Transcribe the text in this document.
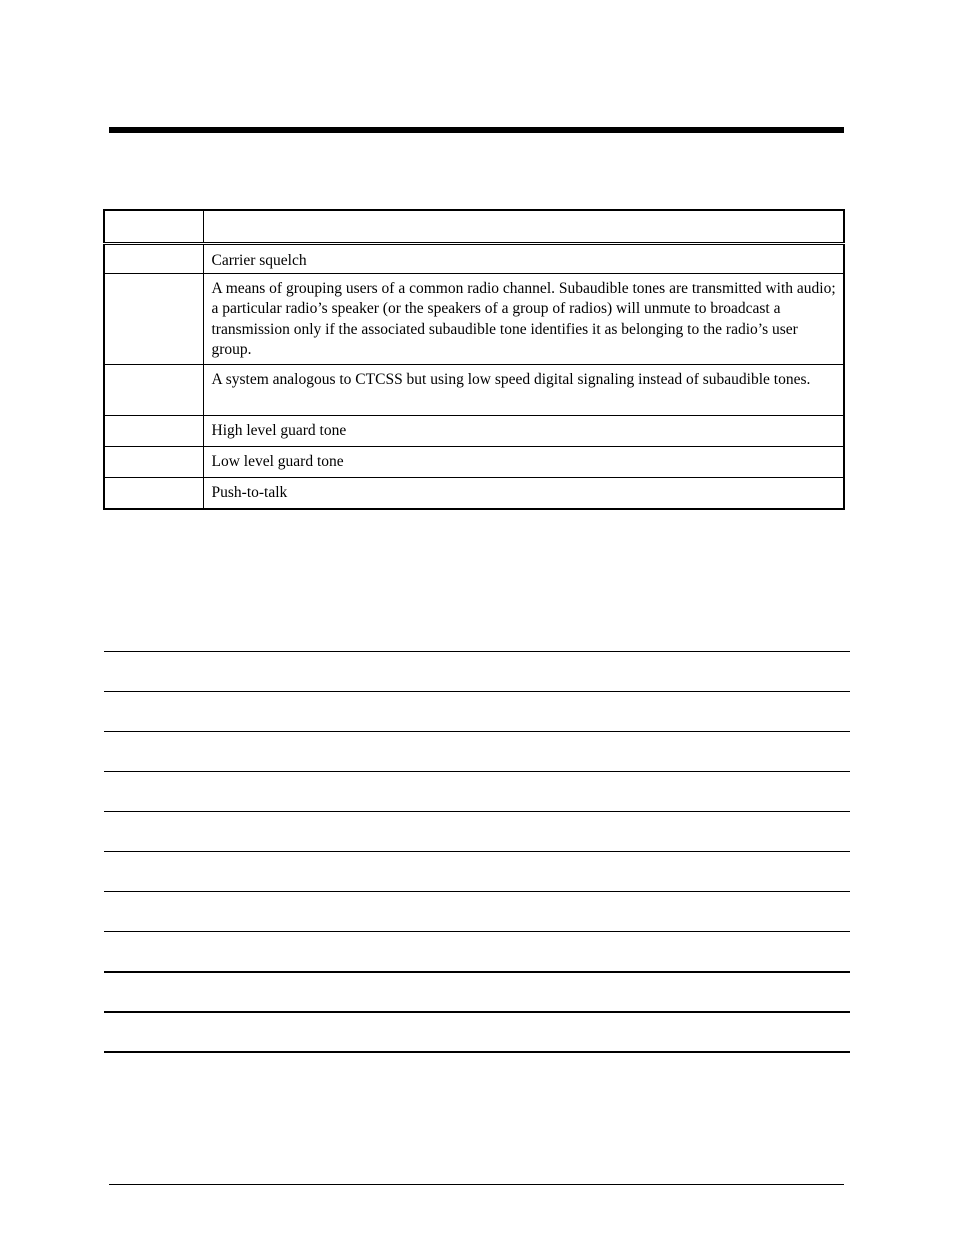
	Carrier squelch
	A means of grouping users of a common radio channel. Subaudible tones are transmitted with audio; a particular radio’s speaker (or the speakers of a group of radios) will unmute to broadcast a transmission only if the associated subaudible tone identifies it as belonging to the radio’s user group.
	A system analogous to CTCSS but using low speed digital signaling instead of subaudible tones.
	High level guard tone
	Low level guard tone
	Push-to-talk
